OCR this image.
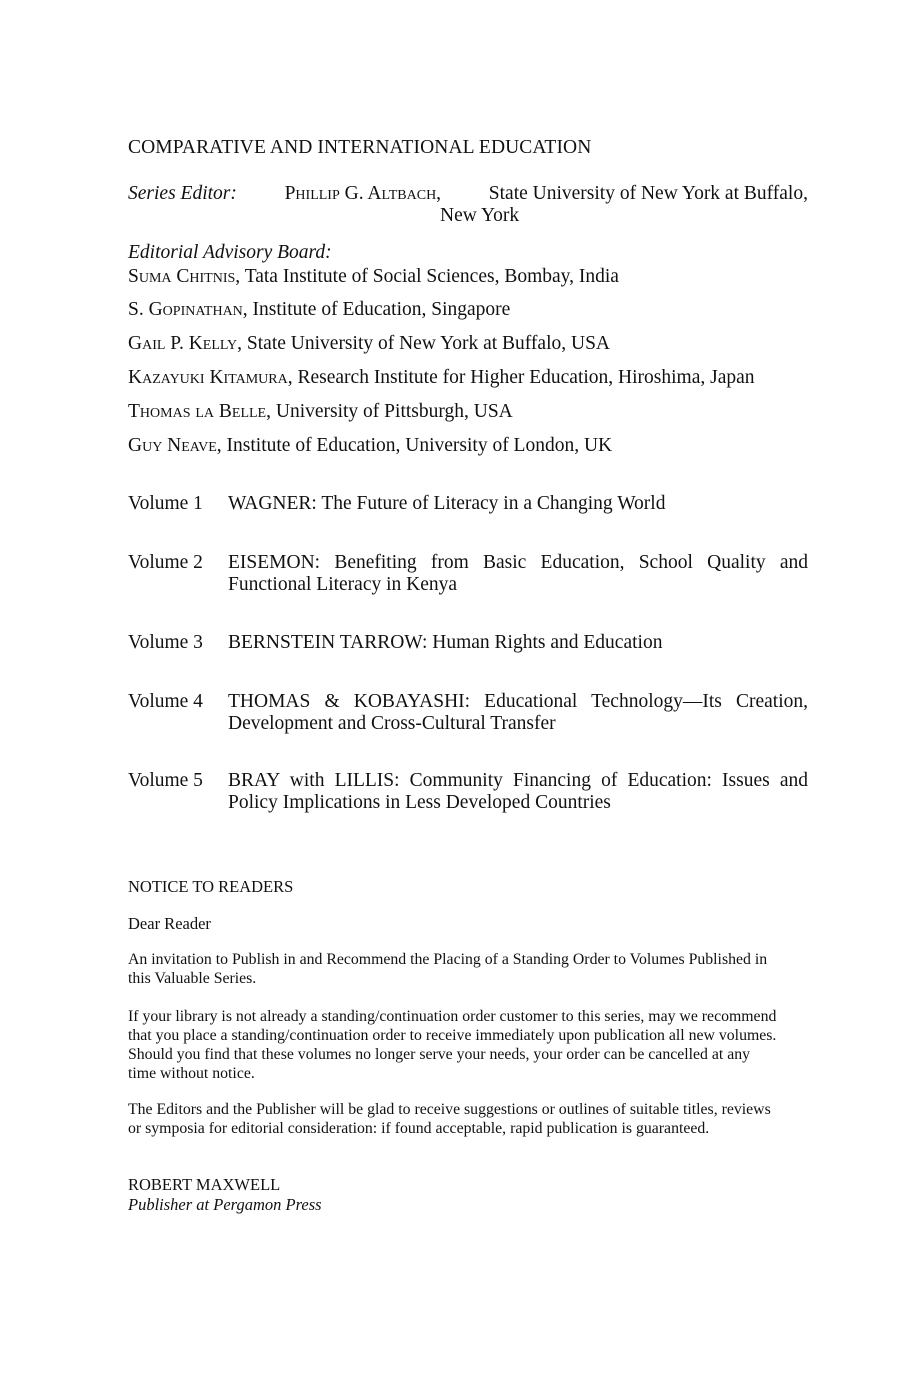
COMPARATIVE AND INTERNATIONAL EDUCATION
Series Editor: Phillip G. Altbach, State University of New York at Buffalo,
New York
Editorial Advisory Board:
Suma Chitnis, Tata Institute of Social Sciences, Bombay, India
S. Gopinathan, Institute of Education, Singapore
Gail P. Kelly, State University of New York at Buffalo, USA
Kazayuki Kitamura, Research Institute for Higher Education, Hiroshima, Japan
Thomas la Belle, University of Pittsburgh, USA
Guy Neave, Institute of Education, University of London, UK
Volume 1 WAGNER: The Future of Literacy in a Changing World
Volume 2 EISEMON: Benefiting from Basic Education, School Quality and Functional Literacy in Kenya
Volume 3 BERNSTEIN TARROW: Human Rights and Education
Volume 4 THOMAS & KOBAYASHI: Educational Technology—Its Creation, Development and Cross-Cultural Transfer
Volume 5 BRAY with LILLIS: Community Financing of Education: Issues and Policy Implications in Less Developed Countries
NOTICE TO READERS
Dear Reader
An invitation to Publish in and Recommend the Placing of a Standing Order to Volumes Published in this Valuable Series.
If your library is not already a standing/continuation order customer to this series, may we recommend that you place a standing/continuation order to receive immediately upon publication all new volumes. Should you find that these volumes no longer serve your needs, your order can be cancelled at any time without notice.
The Editors and the Publisher will be glad to receive suggestions or outlines of suitable titles, reviews or symposia for editorial consideration: if found acceptable, rapid publication is guaranteed.
ROBERT MAXWELL
Publisher at Pergamon Press
